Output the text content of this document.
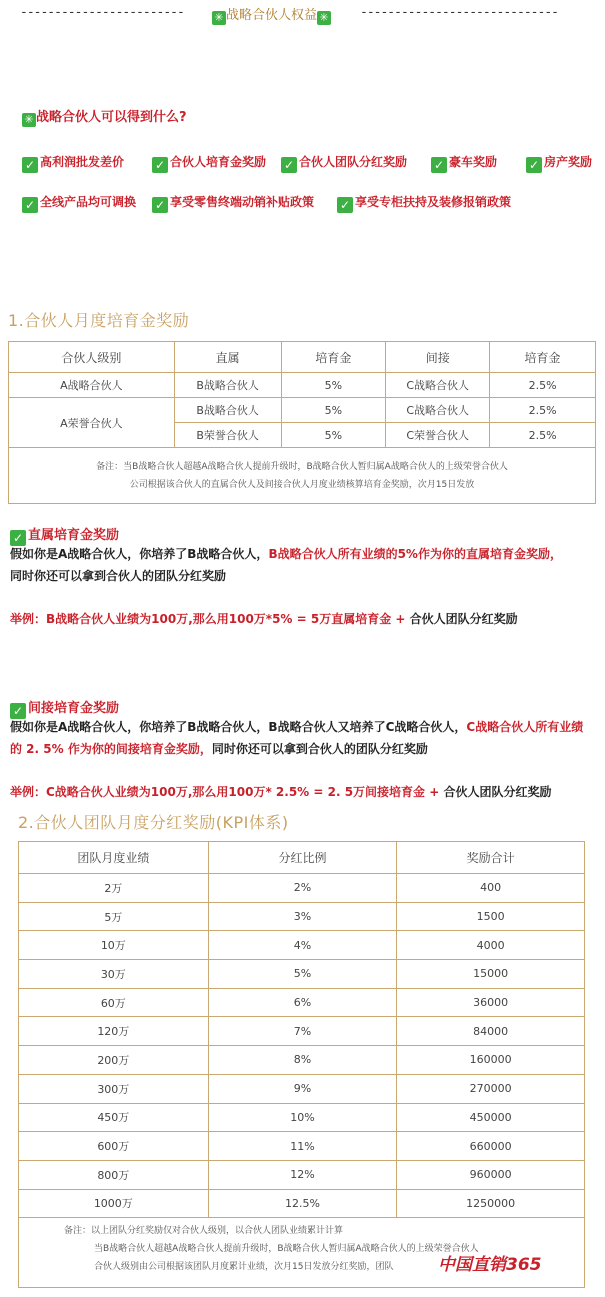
------------------------	✳ 战略合伙人权益 ✳ -----------------------------
✳ 战略合伙人可以得到什么?
✓ 高利润批发差价	✓ 合伙人培育金奖励 ✓ 合伙人团队分红奖励 ✓ 豪车奖励	✓ 房产奖励
✓ 全线产品均可调换 ✓ 享受零售终端动销补贴政策 ✓ 享受专柜扶持及装修报销政策
1.合伙人月度培育金奖励
合伙人级别	直属	培育金	间接	培育金
A战略合伙人	B战略合伙人	5%	C战略合伙人	2.5%
A荣誉合伙人	B战略合伙人	5%	C战略合伙人	2.5%
	B荣誉合伙人	5%	C荣誉合伙人	2.5%

备注：当B战略合伙人超越A战略合伙人提前升级时，B战略合伙人暂归属A战略合伙人的上级荣誉合伙人
公司根据该合伙人的直属合伙人及间接合伙人月度业绩核算培育金奖励，次月15日发放				
✓ 直属培育金奖励
假如你是A战略合伙人，你培养了B战略合伙人，B战略合伙人所有业绩的5%作为你的直属培育金奖励，
同时你还可以拿到合伙人的团队分红奖励
举例：B战略合伙人业绩为100万,那么用100万*5% = 5万直属培育金 + 合伙人团队分红奖励
✓ 间接培育金奖励
假如你是A战略合伙人，你培养了B战略合伙人，B战略合伙人又培养了C战略合伙人，C战略合伙人所有业绩的 2. 5% 作为你的间接培育金奖励，同时你还可以拿到合伙人的团队分红奖励
举例：C战略合伙人业绩为100万,那么用100万* 2.5% = 2. 5万间接培育金 + 合伙人团队分红奖励
2.合伙人团队月度分红奖励(KPI体系)
团队月度业绩	分红比例	奖励合计
2万	2%	400
5万	3%	1500
10万	4%	4000
30万	5%	15000
60万	6%	36000
120万	7%	84000
200万	8%	160000
300万	9%	270000
450万	10%	450000
600万	11%	660000
800万	12%	960000
1000万	12.5%	1250000

备注：以上团队分红奖励仅对合伙人级别，以合伙人团队业绩累计计算
当B战略合伙人超越A战略合伙人提前升级时，B战略合伙人暂归属A战略合伙人的上级荣誉合伙人
合伙人级别由公司根据该团队月度累计业绩，次月15日发放分红奖励，团队			中国直销365
